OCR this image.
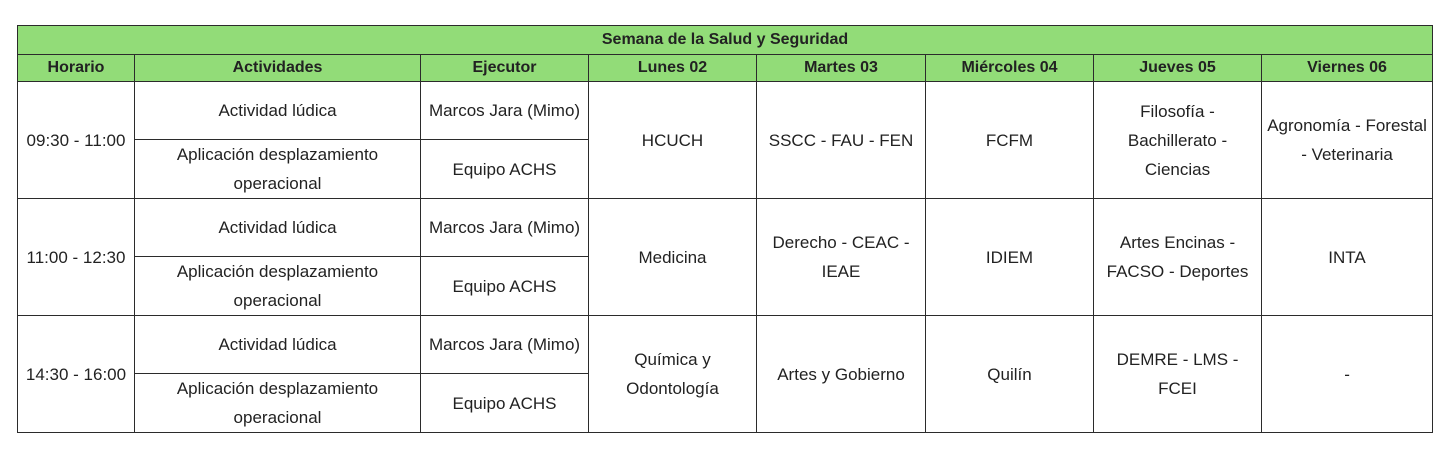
Semana de la Salud y Seguridad							
Horario	Actividades	Ejecutor	Lunes 02	Martes 03	Miércoles 04	Jueves 05	Viernes 06
09:30 - 11:00	Actividad lúdica	Marcos Jara (Mimo)	HCUCH	SSCC - FAU - FEN	FCFM	Filosofía - Bachillerato - Ciencias	Agronomía - Forestal - Veterinaria
	Aplicación desplazamiento operacional	Equipo ACHS					
11:00 - 12:30	Actividad lúdica	Marcos Jara (Mimo)	Medicina	Derecho - CEAC - IEAE	IDIEM	Artes Encinas - FACSO - Deportes	INTA
	Aplicación desplazamiento operacional	Equipo ACHS					
14:30 - 16:00	Actividad lúdica	Marcos Jara (Mimo)	Química y Odontología	Artes y Gobierno	Quilín	DEMRE - LMS - FCEI	-
	Aplicación desplazamiento operacional	Equipo ACHS					
